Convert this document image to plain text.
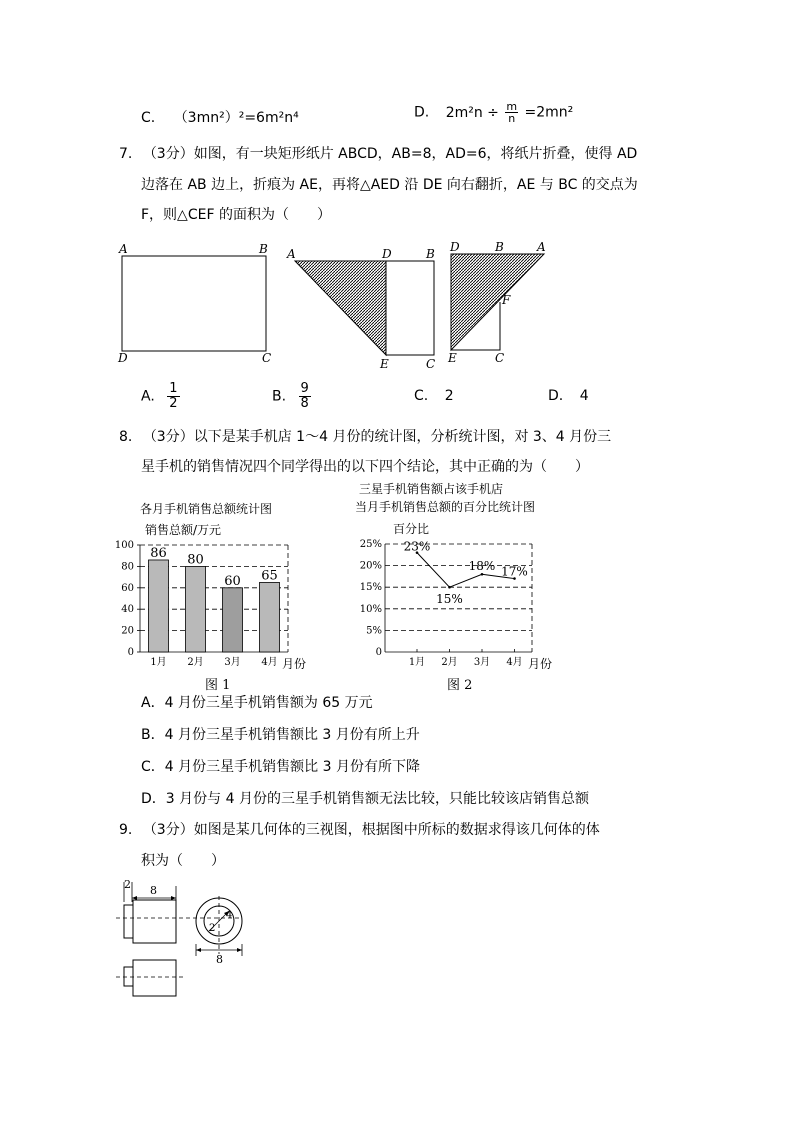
C. （3mn²）²=6m²n⁴	D. $2m^2n \div \frac{m}{n} =2mn^2$
7. （3分）如图，有一块矩形纸片 ABCD，AB=8，AD=6，将纸片折叠，使得 AD
边落在 AB 边上，折痕为 AE，再将△AED 沿 DE 向右翻折，AE 与 BC 的交点为
F，则△CEF 的面积为（　　）
A	B
D	C
A	D	B
E	C
D	B	A
F
E	C
A. $\frac{1}{2}$	B. $\frac{9}{8}$	C. 2	D. 4
8. （3分）以下是某手机店 1～4 月份的统计图，分析统计图，对 3、4 月份三
星手机的销售情况四个同学得出的以下四个结论，其中正确的为（　　）
各月手机销售总额统计图
销售总额/万元
86 80
60 65
0
20
40
60
80
100
1月 2月 3月 4月 月份
图 1
三星手机销售额占该手机店
当月手机销售总额的百分比统计图
百分比
23%
15%
18% 17%
0
5%
10%
15%
20%
25%
1月 2月 3月 4月 月份
图 2
A．4 月份三星手机销售额为 65 万元
B．4 月份三星手机销售额比 3 月份有所上升
C．4 月份三星手机销售额比 3 月份有所下降
D．3 月份与 4 月份的三星手机销售额无法比较，只能比较该店销售总额
9. （3分）如图是某几何体的三视图，根据图中所标的数据求得该几何体的体
积为（　　）
2 8
4
2
8
